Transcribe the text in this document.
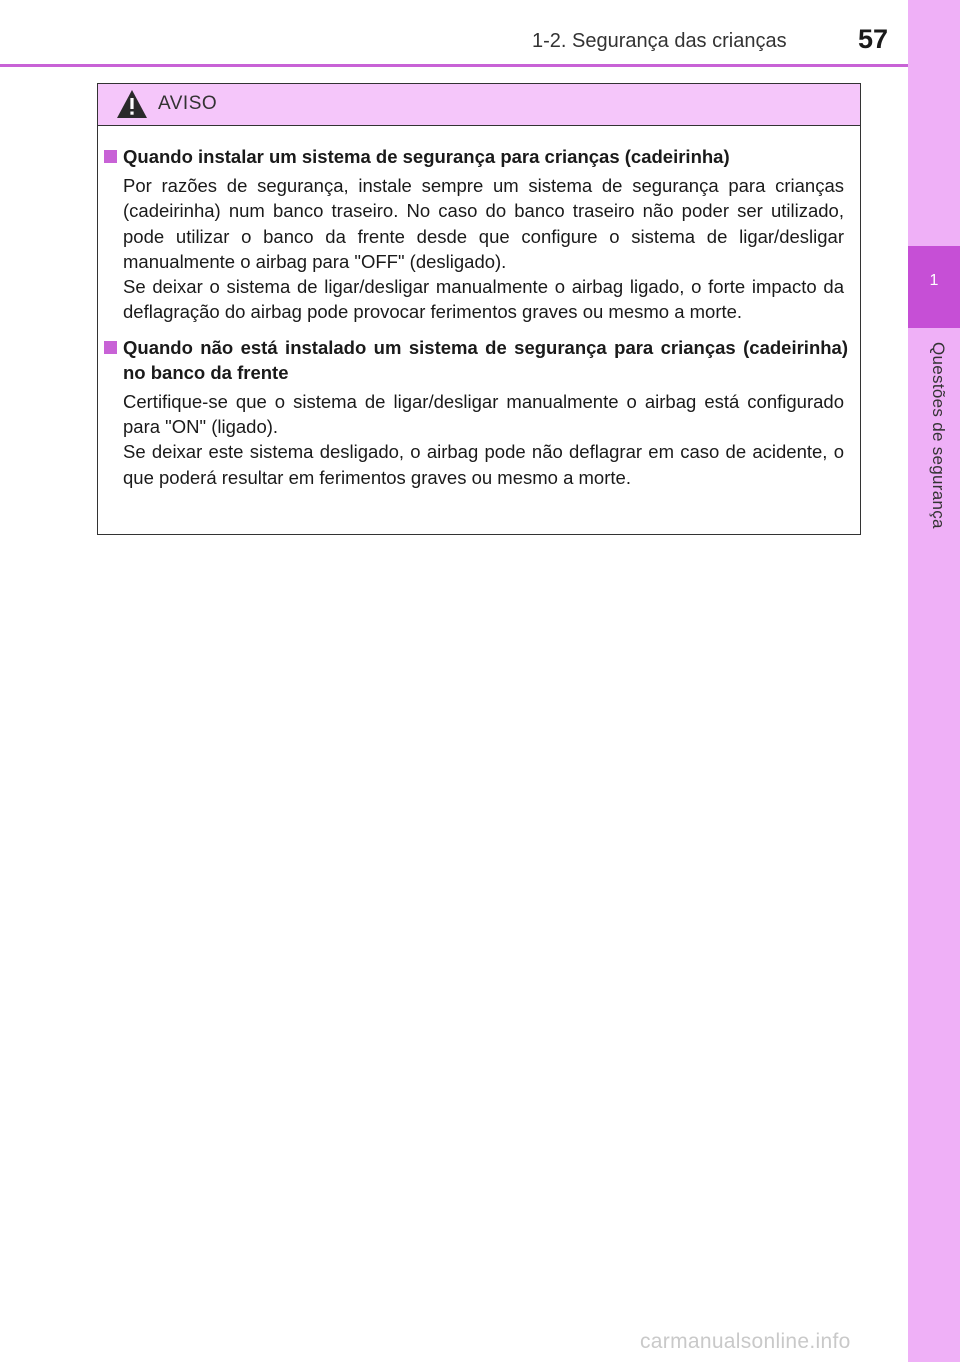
1
Questões de segurança
1-2. Segurança das crianças	57
AVISO
Quando instalar um sistema de segurança para crianças (cadeirinha)
Por razões de segurança, instale sempre um sistema de segurança para crianças (cadeirinha) num banco traseiro. No caso do banco traseiro não poder ser utilizado, pode utilizar o banco da frente desde que configure o sistema de ligar/desligar manualmente o airbag para "OFF" (desligado).
Se deixar o sistema de ligar/desligar manualmente o airbag ligado, o forte impacto da deflagração do airbag pode provocar ferimentos graves ou mesmo a morte.
Quando não está instalado um sistema de segurança para crianças (cadeirinha) no banco da frente
Certifique-se que o sistema de ligar/desligar manualmente o airbag está configurado para "ON" (ligado).
Se deixar este sistema desligado, o airbag pode não deflagrar em caso de acidente, o que poderá resultar em ferimentos graves ou mesmo a morte.
carmanualsonline.info
